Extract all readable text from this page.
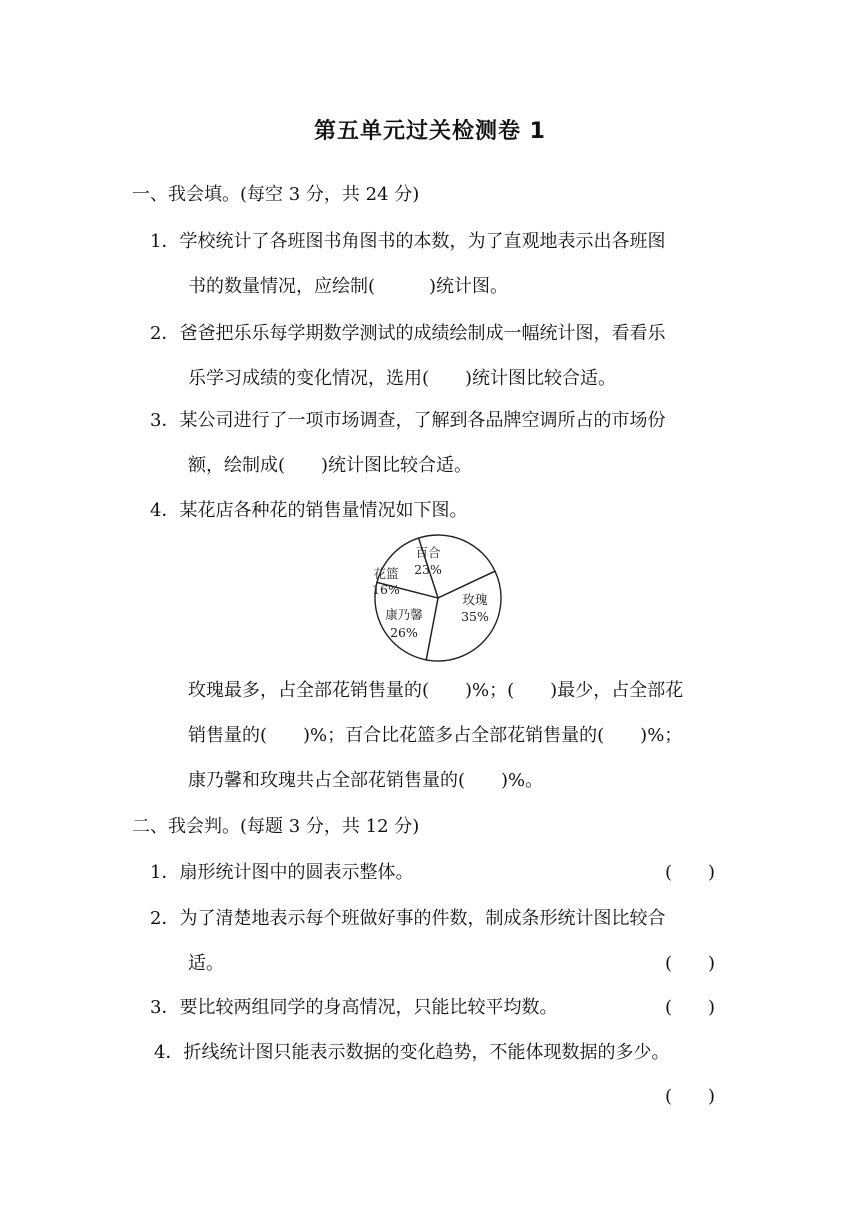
第五单元过关检测卷 1
一、我会填。(每空 3 分，共 24 分)
1．学校统计了各班图书角图书的本数，为了直观地表示出各班图
书的数量情况，应绘制(　　　)统计图。
2．爸爸把乐乐每学期数学测试的成绩绘制成一幅统计图，看看乐
乐学习成绩的变化情况，选用(　　)统计图比较合适。
3．某公司进行了一项市场调查，了解到各品牌空调所占的市场份
额，绘制成(　　)统计图比较合适。
4．某花店各种花的销售量情况如下图。
百合
23%
玫瑰
35%
康乃馨
26%
花篮
16%
玫瑰最多，占全部花销售量的(　　)%；(　　)最少，占全部花
销售量的(　　)%；百合比花篮多占全部花销售量的(　　)%；
康乃馨和玫瑰共占全部花销售量的(　　)%。
二、我会判。(每题 3 分，共 12 分)
1．扇形统计图中的圆表示整体。	(　　)
2．为了清楚地表示每个班做好事的件数，制成条形统计图比较合
适。	(　　)
3．要比较两组同学的身高情况，只能比较平均数。	(　　)
4．折线统计图只能表示数据的变化趋势，不能体现数据的多少。
(　　)
